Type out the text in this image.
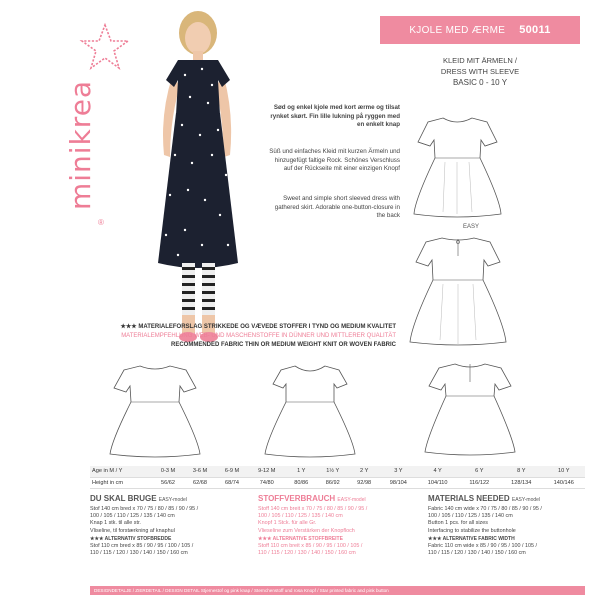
minikrea
®
KJOLE MED ÆRME 50011
KLEID MIT ÄRMELN /
DRESS WITH SLEEVE
BASIC 0 - 10 Y
Sød og enkel kjole med kort ærme og tilsat rynket skørt. Fin lille lukning på ryggen med en enkelt knap
Süß und einfaches Kleid mit kurzen Ärmeln und hinzugefügt faltige Rock. Schönes Verschluss auf der Rückseite mit einer einzigen Knopf
Sweet and simple short sleeved dress with gathered skirt. Adorable one-button-closure in the back
EASY
★★★ MATERIALEFORSLAG STRIKKEDE OG VÆVEDE STOFFER I TYND OG MEDIUM KVALITET
MATERIALEMPFEHLUNG WEB- UND MASCHENSTOFFE IN DÜNNER UND MITTLERER QUALITÄT
RECOMMENDED FABRIC THIN OR MEDIUM WEIGHT KNIT OR WOVEN FABRIC
Age in M / Y	0-3 M	3-6 M	6-9 M	9-12 M	1 Y	1½ Y	2 Y	3 Y	4 Y	6 Y	8 Y	10 Y
Height in cm	56/62	62/68	68/74	74/80	80/86	86/92	92/98	98/104	104/110	116/122	128/134	140/146
DU SKAL BRUGE EASY-model
Stof 140 cm bred x 70 / 75 / 80 / 85 / 90 / 95 /
100 / 105 / 110 / 125 / 135 / 140 cm
Knap 1 stk. til alle str.
Vliseline, til forstærkning af knaphul
★★★ ALTERNATIV STOFBREDDE
Stof 110 cm bred x 85 / 90 / 95 / 100 / 105 /
110 / 115 / 120 / 130 / 140 / 150 / 160 cm
STOFFVERBRAUCH EASY-model
Stoff 140 cm breit x 70 / 75 / 80 / 85 / 90 / 95 /
100 / 105 / 110 / 125 / 135 / 140 cm
Knopf 1 Stck. für alle Gr.
Vlieseline zum Verstärken der Knopfloch
★★★ ALTERNATIVE STOFFBREITE
Stoff 110 cm breit x 85 / 90 / 95 / 100 / 105 /
110 / 115 / 120 / 130 / 140 / 150 / 160 cm
MATERIALS NEEDED EASY-model
Fabric 140 cm wide x 70 / 75 / 80 / 85 / 90 / 95 /
100 / 105 / 110 / 125 / 135 / 140 cm
Button 1 pcs. for all sizes
Interfacing to stabilize the buttonhole
★★★ ALTERNATIVE FABRIC WIDTH
Fabric 110 cm wide x 85 / 90 / 95 / 100 / 105 /
110 / 115 / 120 / 130 / 140 / 150 / 160 cm
DESIGNDETALJE / ZIERDETAIL / DESIGN DETAIL Stjernestof og pink knap / Sternchenstoff und rosa Knopf / Star printed fabric and pink button
